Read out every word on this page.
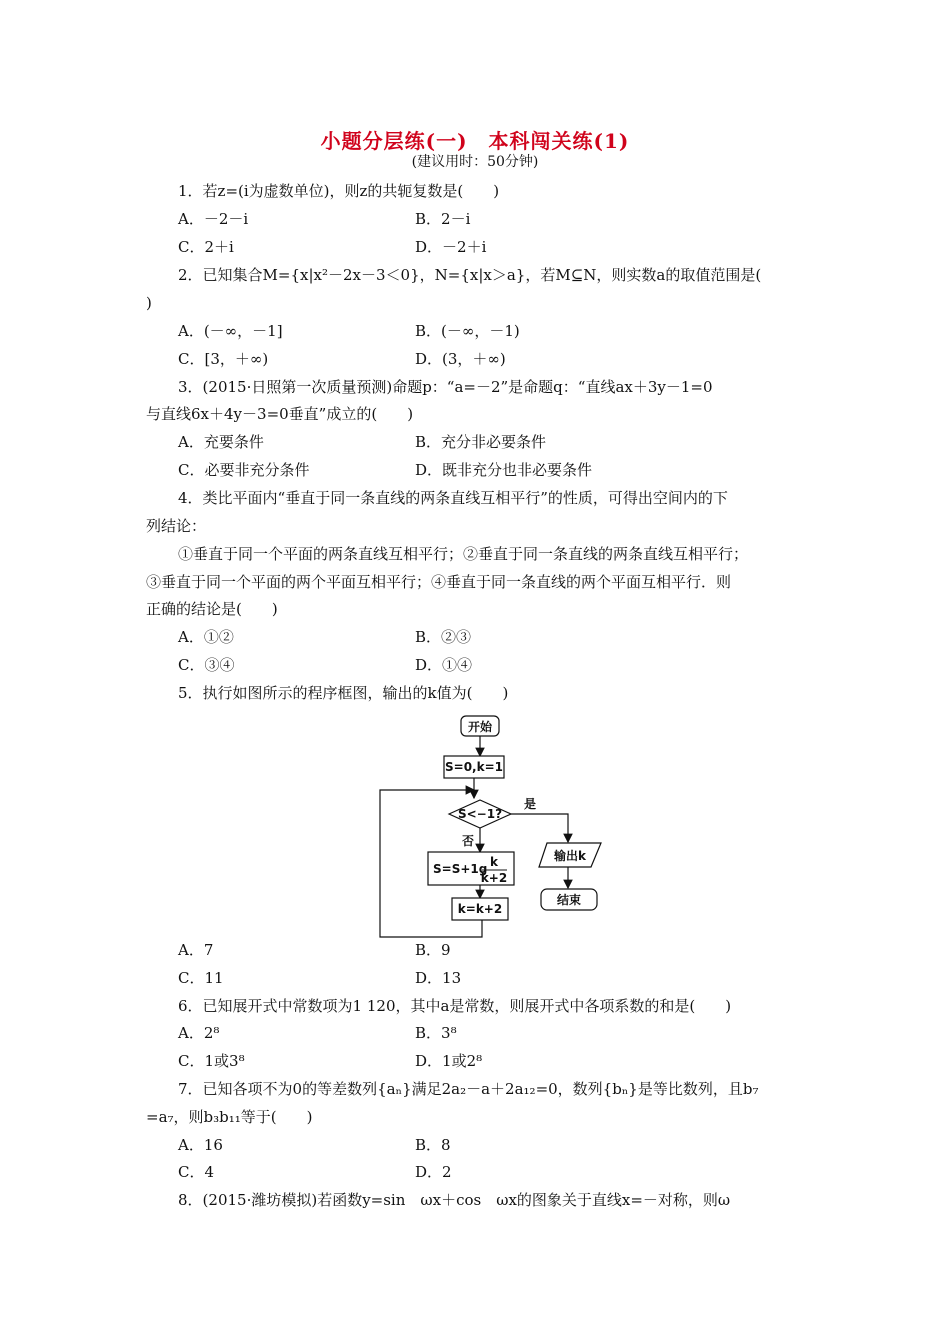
小题分层练(一)　本科闯关练(1)
(建议用时：50分钟)
1．若z=(i为虚数单位)，则z的共轭复数是(　　)
A．－2－i	B．2－i
C．2＋i	D．－2＋i
2．已知集合M={x|x²－2x－3＜0}，N={x|x＞a}，若M⊆N，则实数a的取值范围是(
)
A．(－∞，－1]	B．(－∞，－1)
C．[3，＋∞)	D．(3，＋∞)
3．(2015·日照第一次质量预测)命题p：“a=－2”是命题q：“直线ax＋3y－1=0
与直线6x＋4y－3=0垂直”成立的(　　)
A．充要条件	B．充分非必要条件
C．必要非充分条件	D．既非充分也非必要条件
4．类比平面内“垂直于同一条直线的两条直线互相平行”的性质，可得出空间内的下
列结论：
①垂直于同一个平面的两条直线互相平行；②垂直于同一条直线的两条直线互相平行；
③垂直于同一个平面的两个平面互相平行；④垂直于同一条直线的两个平面互相平行．则
正确的结论是(　　)
A．①②	B．②③
C．③④	D．①④
5．执行如图所示的程序框图，输出的k值为(　　)
开始
S=0,k=1
S<−1?
是
输出k
结束
否
S=S+1g k
k+2
k=k+2
A．7	B．9
C．11	D．13
6．已知展开式中常数项为1 120，其中a是常数，则展开式中各项系数的和是(　　)
A．2⁸	B．3⁸
C．1或3⁸	D．1或2⁸
7．已知各项不为0的等差数列{aₙ}满足2a₂－a＋2a₁₂=0，数列{bₙ}是等比数列，且b₇
=a₇，则b₃b₁₁等于(　　)
A．16	B．8
C．4	D．2
8．(2015·潍坊模拟)若函数y=sin　ωx＋cos　ωx的图象关于直线x=－对称，则ω
